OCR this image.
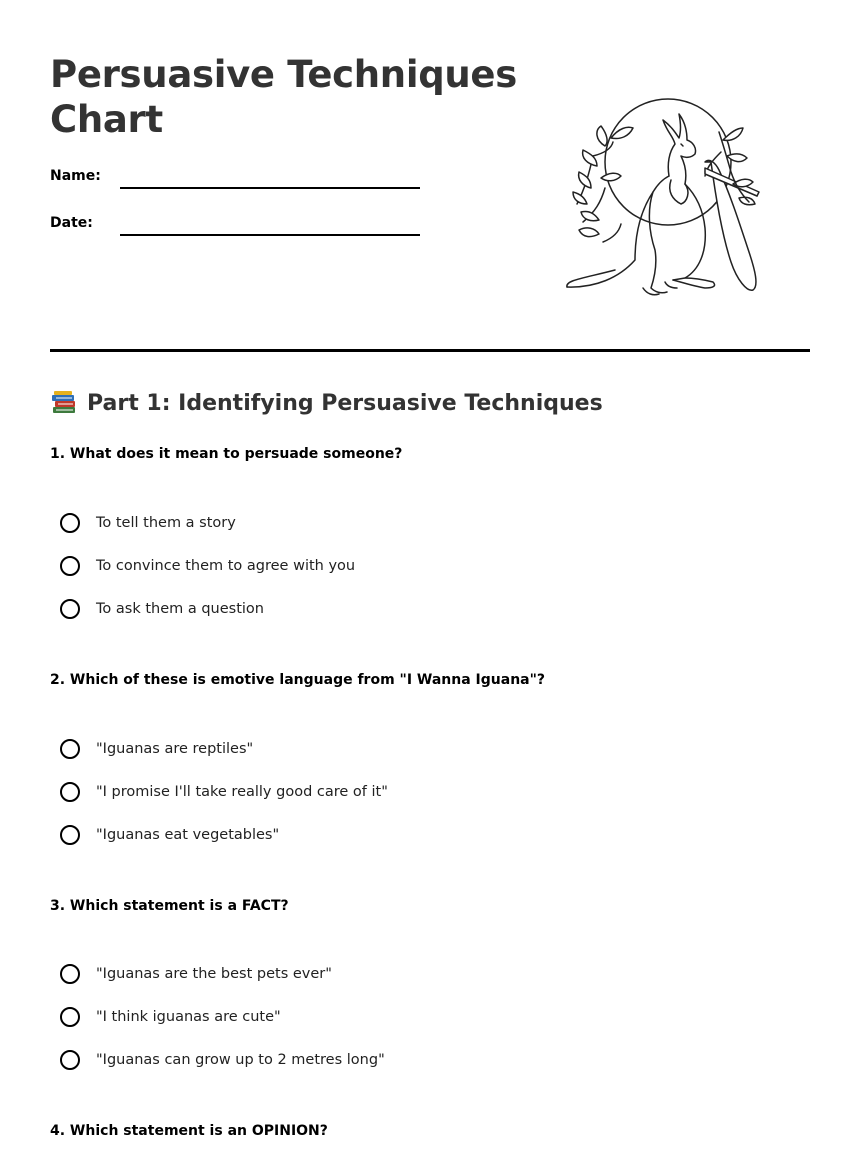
Persuasive Techniques
Chart
Name:
Date:
Part 1: Identifying Persuasive Techniques

1. What does it mean to persuade someone?

To tell them a story
To convince them to agree with you
To ask them a question

2. Which of these is emotive language from "I Wanna Iguana"?

"Iguanas are reptiles"
"I promise I'll take really good care of it"
"Iguanas eat vegetables"

3. Which statement is a FACT?

"Iguanas are the best pets ever"
"I think iguanas are cute"
"Iguanas can grow up to 2 metres long"

4. Which statement is an OPINION?
